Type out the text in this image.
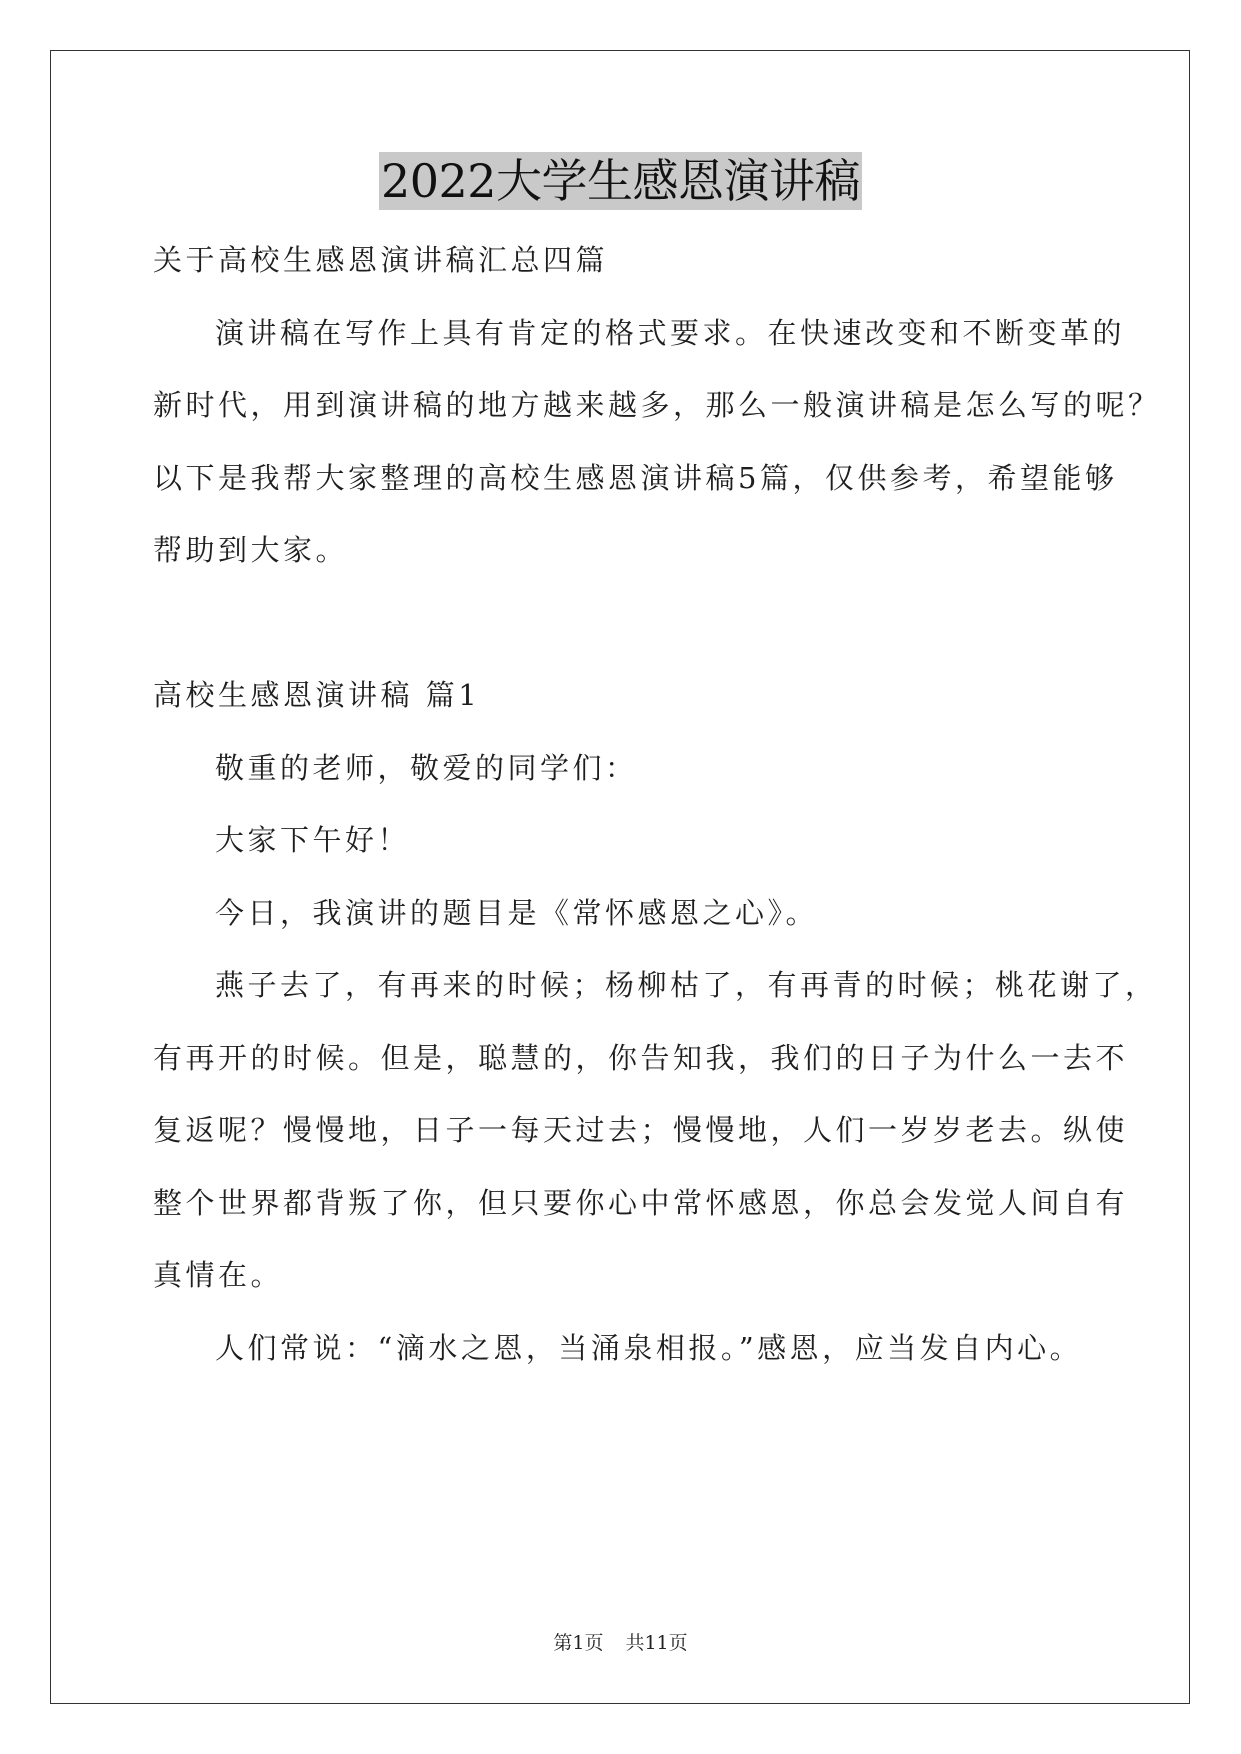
2022大学生感恩演讲稿
关于高校生感恩演讲稿汇总四篇
演讲稿在写作上具有肯定的格式要求。在快速改变和不断变革的
新时代，用到演讲稿的地方越来越多，那么一般演讲稿是怎么写的呢？
以下是我帮大家整理的高校生感恩演讲稿5篇，仅供参考，希望能够
帮助到大家。
高校生感恩演讲稿 篇1
敬重的老师，敬爱的同学们：
大家下午好！
今日，我演讲的题目是《常怀感恩之心》。
燕子去了，有再来的时候；杨柳枯了，有再青的时候；桃花谢了，
有再开的时候。但是，聪慧的，你告知我，我们的日子为什么一去不
复返呢？慢慢地，日子一每天过去；慢慢地，人们一岁岁老去。纵使
整个世界都背叛了你，但只要你心中常怀感恩，你总会发觉人间自有
真情在。
人们常说：“滴水之恩，当涌泉相报。”感恩，应当发自内心。
第1页 共11页
